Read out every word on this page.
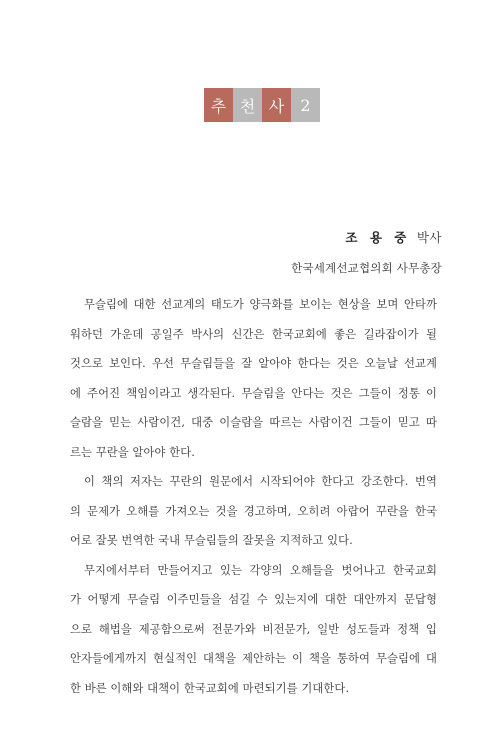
추 천 사	2
조 용 중 박사
한국세계선교협의회 사무총장
무슬림에 대한 선교계의 태도가 양극화를 보이는 현상을 보며 안타까
워하던 가운데 공일주 박사의 신간은 한국교회에 좋은 길라잡이가 될
것으로 보인다. 우선 무슬림들을 잘 알아야 한다는 것은 오늘날 선교계
에 주어진 책임이라고 생각된다. 무슬림을 안다는 것은 그들이 정통 이
슬람을 믿는 사람이건, 대중 이슬람을 따르는 사람이건 그들이 믿고 따
르는 꾸란을 알아야 한다.
이 책의 저자는 꾸란의 원문에서 시작되어야 한다고 강조한다. 번역
의 문제가 오해를 가져오는 것을 경고하며, 오히려 아랍어 꾸란을 한국
어로 잘못 번역한 국내 무슬림들의 잘못을 지적하고 있다.
무지에서부터 만들어지고 있는 각양의 오해들을 벗어나고 한국교회
가 어떻게 무슬림 이주민들을 섬길 수 있는지에 대한 대안까지 문답형
으로 해법을 제공함으로써 전문가와 비전문가, 일반 성도들과 정책 입
안자들에게까지 현실적인 대책을 제안하는 이 책을 통하여 무슬림에 대
한 바른 이해와 대책이 한국교회에 마련되기를 기대한다.
